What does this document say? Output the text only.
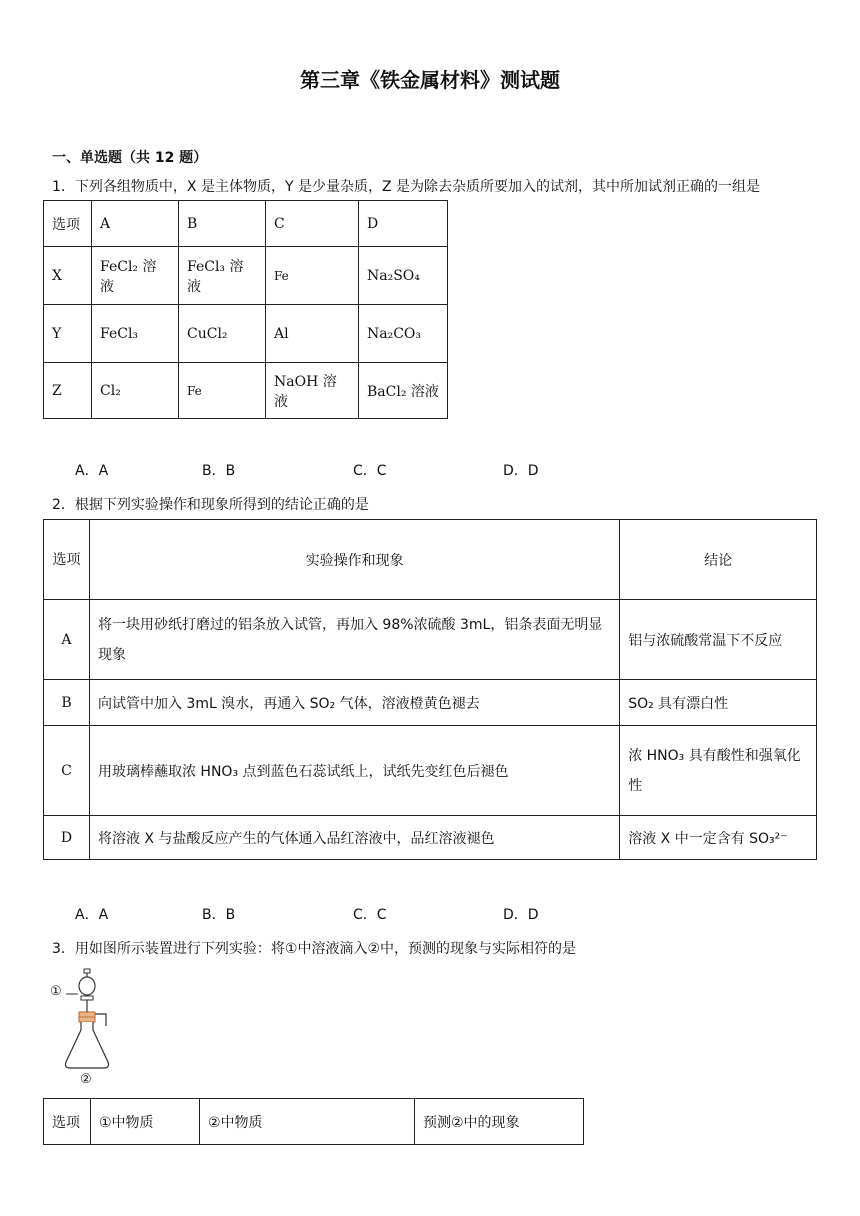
第三章《铁金属材料》测试题
一、单选题（共 12 题）
1．下列各组物质中，X 是主体物质，Y 是少量杂质，Z 是为除去杂质所要加入的试剂，其中所加试剂正确的一组是
选项	A	B	C	D
X	FeCl₂ 溶液	FeCl₃ 溶液	Fe	Na₂SO₄
Y	FeCl₃	CuCl₂	Al	Na₂CO₃
Z	Cl₂	Fe	NaOH 溶液	BaCl₂ 溶液
A．A	B．B	C．C	D．D
2．根据下列实验操作和现象所得到的结论正确的是
选项	实验操作和现象	结论
A	将一块用砂纸打磨过的铝条放入试管，再加入 98%浓硫酸 3mL，铝条表面无明显现象	铝与浓硫酸常温下不反应
B	向试管中加入 3mL 溴水，再通入 SO₂ 气体，溶液橙黄色褪去	SO₂ 具有漂白性
C	用玻璃棒蘸取浓 HNO₃ 点到蓝色石蕊试纸上，试纸先变红色后褪色	浓 HNO₃ 具有酸性和强氧化性
D	将溶液 X 与盐酸反应产生的气体通入品红溶液中，品红溶液褪色	溶液 X 中一定含有 SO₃²⁻
A．A	B．B	C．C	D．D
3．用如图所示装置进行下列实验：将①中溶液滴入②中，预测的现象与实际相符的是
①
②
选项	①中物质	②中物质	预测②中的现象
